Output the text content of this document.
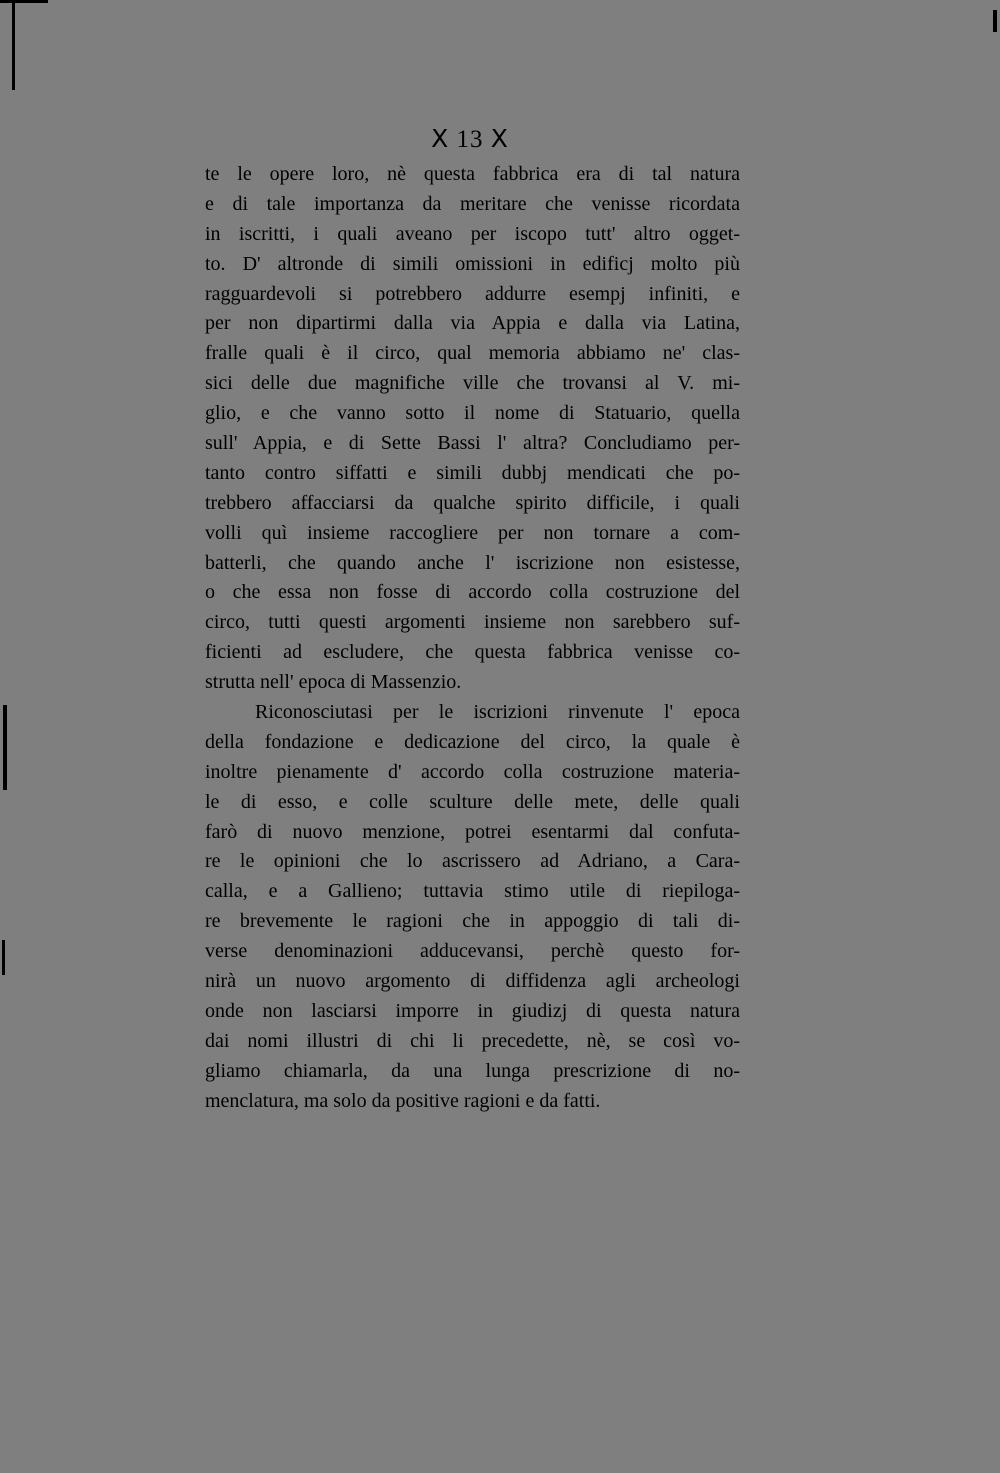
Ⅹ 13 Ⅹ
te le opere loro, nè questa fabbrica era di tal natura
e di tale importanza da meritare che venisse ricordata
in iscritti, i quali aveano per iscopo tutt' altro ogget-
to. D' altronde di simili omissioni in edificj molto più
ragguardevoli si potrebbero addurre esempj infiniti, e
per non dipartirmi dalla via Appia e dalla via Latina,
fralle quali è il circo, qual memoria abbiamo ne' clas-
sici delle due magnifiche ville che trovansi al V. mi-
glio, e che vanno sotto il nome di Statuario, quella
sull' Appia, e di Sette Bassi l' altra? Concludiamo per-
tanto contro siffatti e simili dubbj mendicati che po-
trebbero affacciarsi da qualche spirito difficile, i quali
volli quì insieme raccogliere per non tornare a com-
batterli, che quando anche l' iscrizione non esistesse,
o che essa non fosse di accordo colla costruzione del
circo, tutti questi argomenti insieme non sarebbero suf-
ficienti ad escludere, che questa fabbrica venisse co-
strutta nell' epoca di Massenzio.
Riconosciutasi per le iscrizioni rinvenute l' epoca
della fondazione e dedicazione del circo, la quale è
inoltre pienamente d' accordo colla costruzione materia-
le di esso, e colle sculture delle mete, delle quali
farò di nuovo menzione, potrei esentarmi dal confuta-
re le opinioni che lo ascrissero ad Adriano, a Cara-
calla, e a Gallieno; tuttavia stimo utile di riepiloga-
re brevemente le ragioni che in appoggio di tali di-
verse denominazioni adducevansi, perchè questo for-
nirà un nuovo argomento di diffidenza agli archeologi
onde non lasciarsi imporre in giudizj di questa natura
dai nomi illustri di chi li precedette, nè, se così vo-
gliamo chiamarla, da una lunga prescrizione di no-
menclatura, ma solo da positive ragioni e da fatti.
